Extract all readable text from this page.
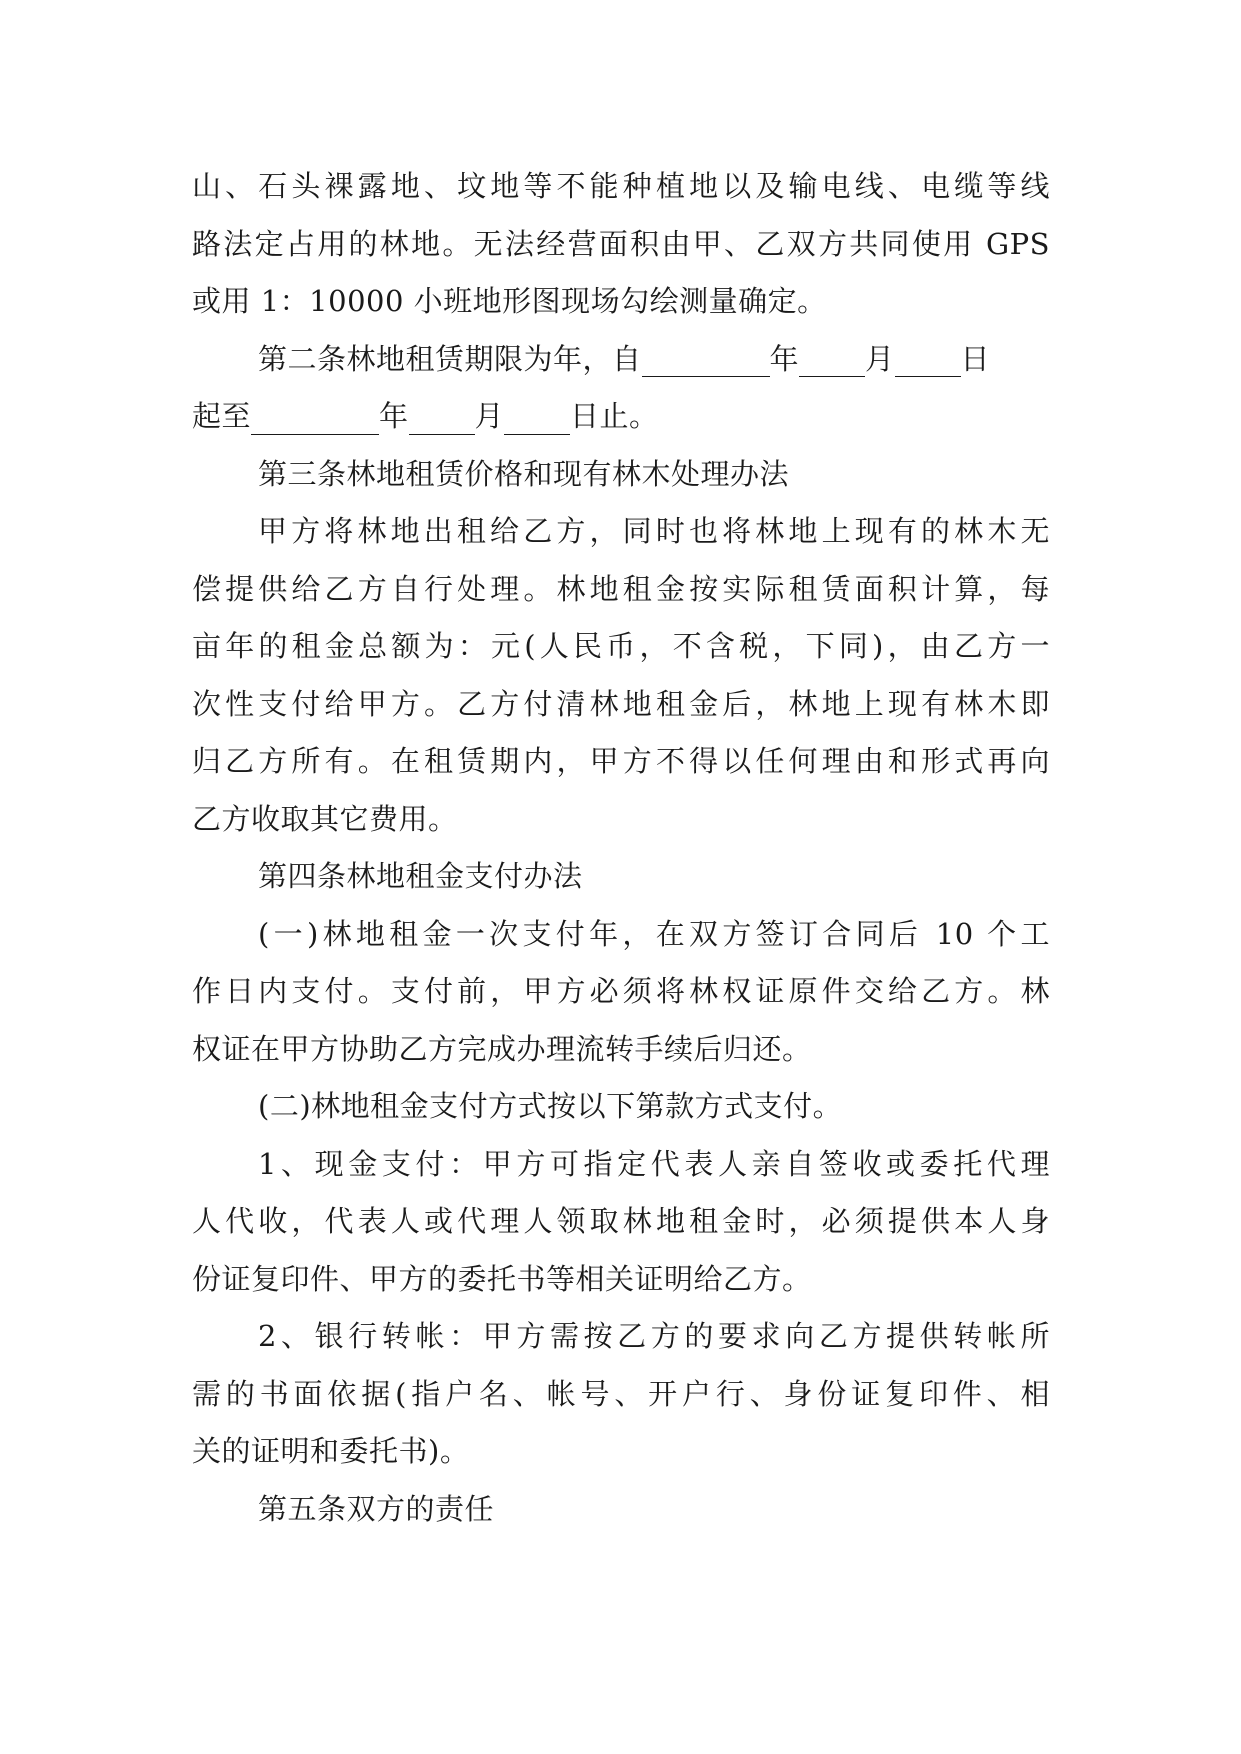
山、石头裸露地、坟地等不能种植地以及输电线、电缆等线
路法定占用的林地。无法经营面积由甲、乙双方共同使用 GPS
或用 1：10000 小班地形图现场勾绘测量确定。

第二条林地租赁期限为年，自	年 月 日
起至	年 月 日止。

第三条林地租赁价格和现有林木处理办法

甲方将林地出租给乙方，同时也将林地上现有的林木无
偿提供给乙方自行处理。林地租金按实际租赁面积计算，每
亩年的租金总额为：元(人民币，不含税，下同)，由乙方一
次性支付给甲方。乙方付清林地租金后，林地上现有林木即
归乙方所有。在租赁期内，甲方不得以任何理由和形式再向
乙方收取其它费用。

第四条林地租金支付办法

(一)林地租金一次支付年，在双方签订合同后 10 个工
作日内支付。支付前，甲方必须将林权证原件交给乙方。林
权证在甲方协助乙方完成办理流转手续后归还。

(二)林地租金支付方式按以下第款方式支付。

1、现金支付：甲方可指定代表人亲自签收或委托代理
人代收，代表人或代理人领取林地租金时，必须提供本人身
份证复印件、甲方的委托书等相关证明给乙方。

2、银行转帐：甲方需按乙方的要求向乙方提供转帐所
需的书面依据(指户名、帐号、开户行、身份证复印件、相
关的证明和委托书)。

第五条双方的责任
